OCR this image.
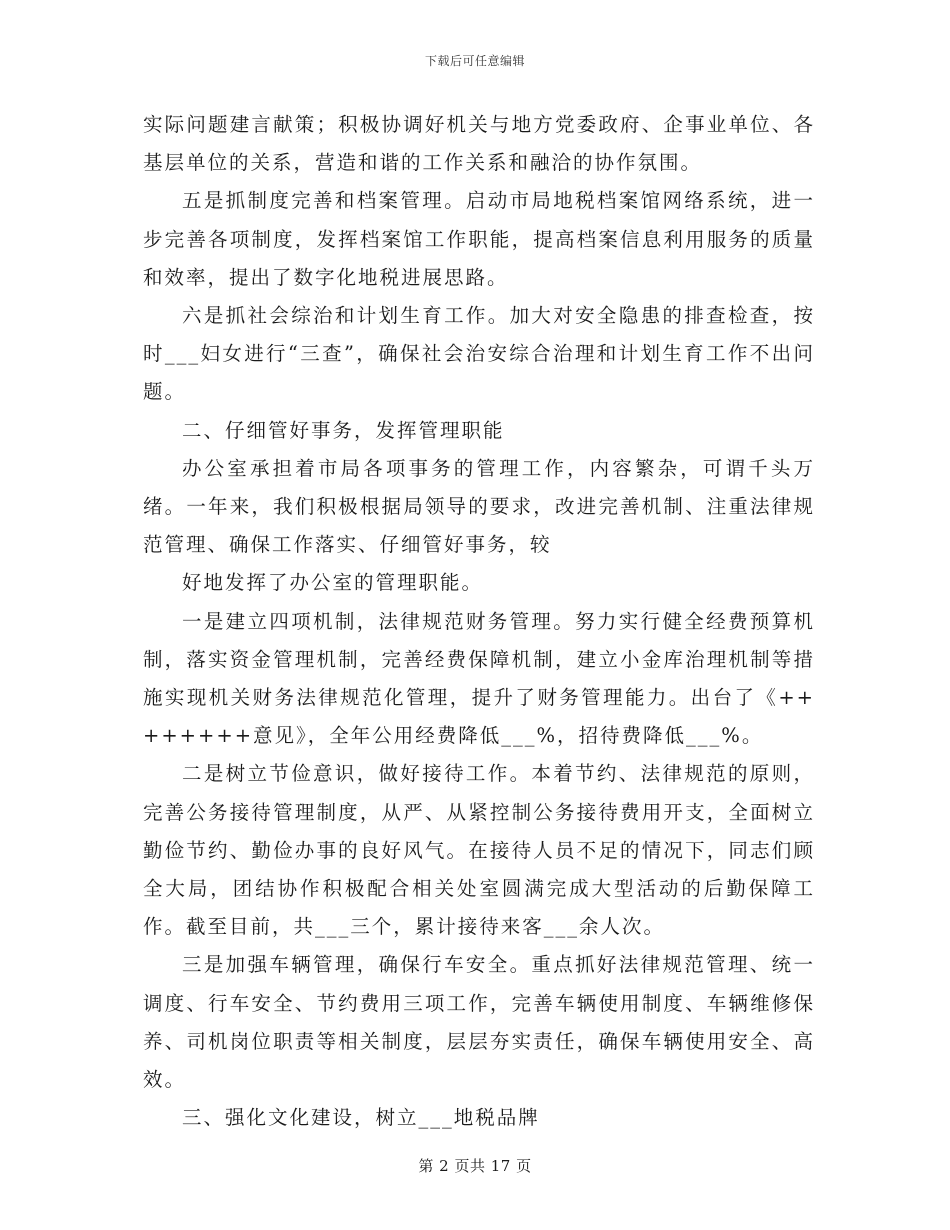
下载后可任意编辑

实际问题建言献策；积极协调好机关与地方党委政府、企事业单位、各基层单位的关系，营造和谐的工作关系和融洽的协作氛围。

五是抓制度完善和档案管理。启动市局地税档案馆网络系统，进一步完善各项制度，发挥档案馆工作职能，提高档案信息利用服务的质量和效率，提出了数字化地税进展思路。

六是抓社会综治和计划生育工作。加大对安全隐患的排查检查，按时___妇女进行“三查”，确保社会治安综合治理和计划生育工作不出问题。

二、仔细管好事务，发挥管理职能

办公室承担着市局各项事务的管理工作，内容繁杂，可谓千头万绪。一年来，我们积极根据局领导的要求，改进完善机制、注重法律规范管理、确保工作落实、仔细管好事务，较

好地发挥了办公室的管理职能。

一是建立四项机制，法律规范财务管理。努力实行健全经费预算机制，落实资金管理机制，完善经费保障机制，建立小金库治理机制等措施实现机关财务法律规范化管理，提升了财务管理能力。出台了《++++++++意见》，全年公用经费降低___%，招待费降低___%。

二是树立节俭意识，做好接待工作。本着节约、法律规范的原则，完善公务接待管理制度，从严、从紧控制公务接待费用开支，全面树立勤俭节约、勤俭办事的良好风气。在接待人员不足的情况下，同志们顾全大局，团结协作积极配合相关处室圆满完成大型活动的后勤保障工作。截至目前，共___三个，累计接待来客___余人次。

三是加强车辆管理，确保行车安全。重点抓好法律规范管理、统一调度、行车安全、节约费用三项工作，完善车辆使用制度、车辆维修保养、司机岗位职责等相关制度，层层夯实责任，确保车辆使用安全、高效。

三、强化文化建设，树立___地税品牌

第 2 页共 17 页
